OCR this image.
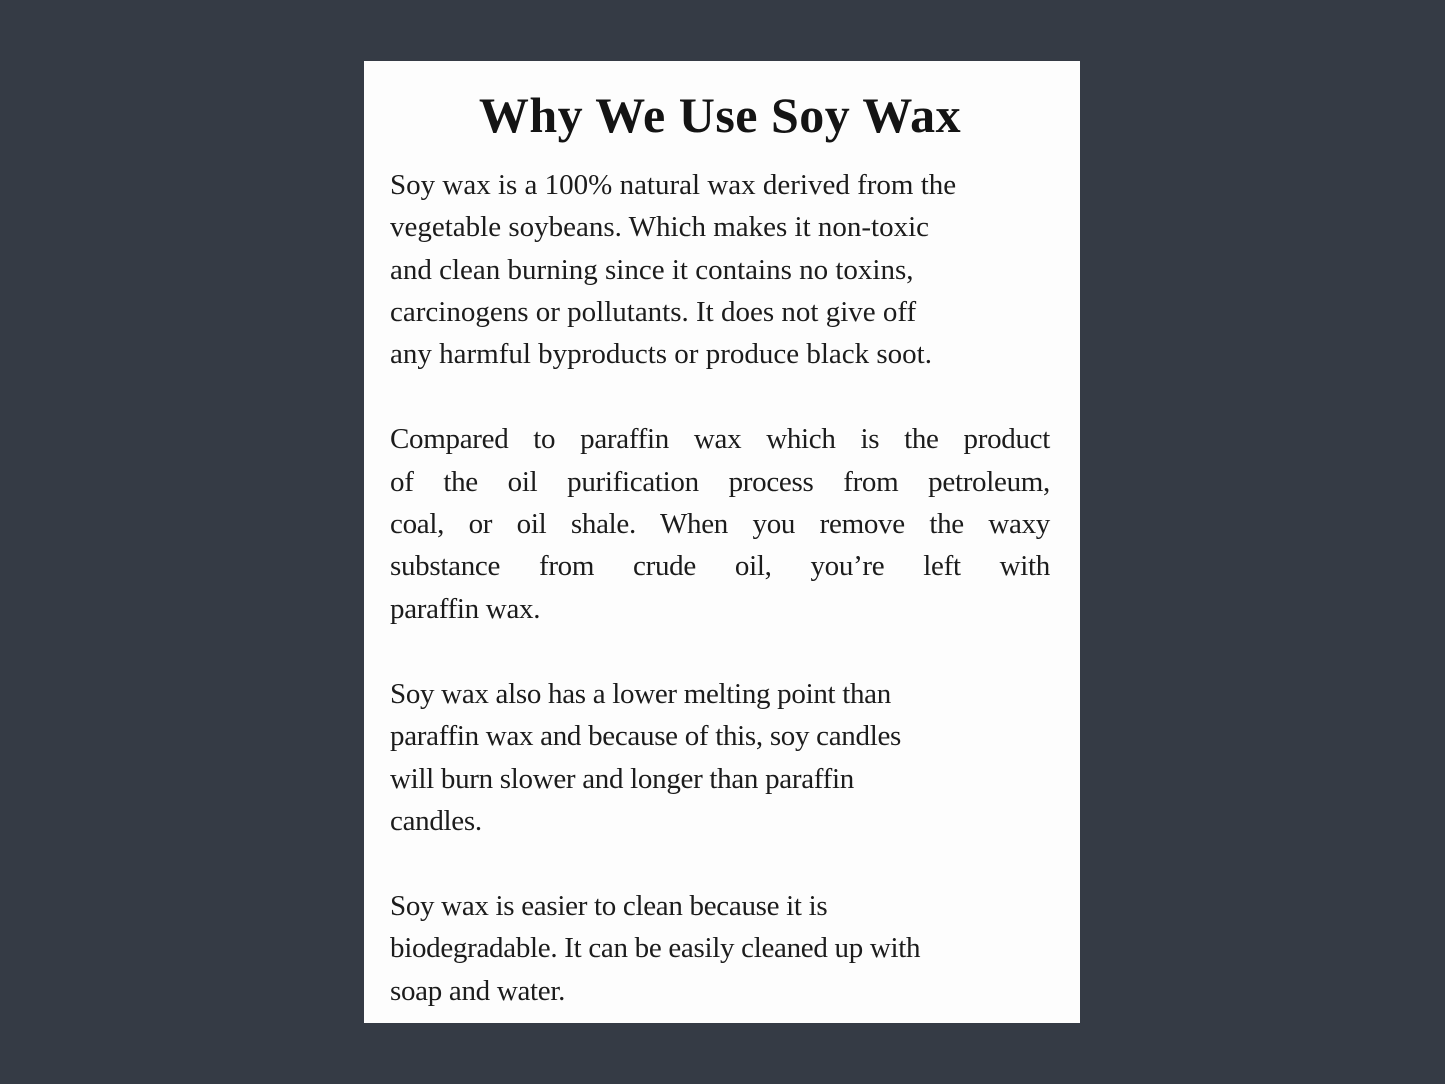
Why We Use Soy Wax
Soy wax is a 100% natural wax derived from the
vegetable soybeans. Which makes it non-toxic
and clean burning since it contains no toxins,
carcinogens or pollutants. It does not give off
any harmful byproducts or produce black soot.
Compared to paraffin wax which is the product
of the oil purification process from petroleum,
coal, or oil shale. When you remove the waxy
substance from crude oil, you’re left with
paraffin wax.
Soy wax also has a lower melting point than
paraffin wax and because of this, soy candles
will burn slower and longer than paraffin
candles.
Soy wax is easier to clean because it is
biodegradable. It can be easily cleaned up with
soap and water.
